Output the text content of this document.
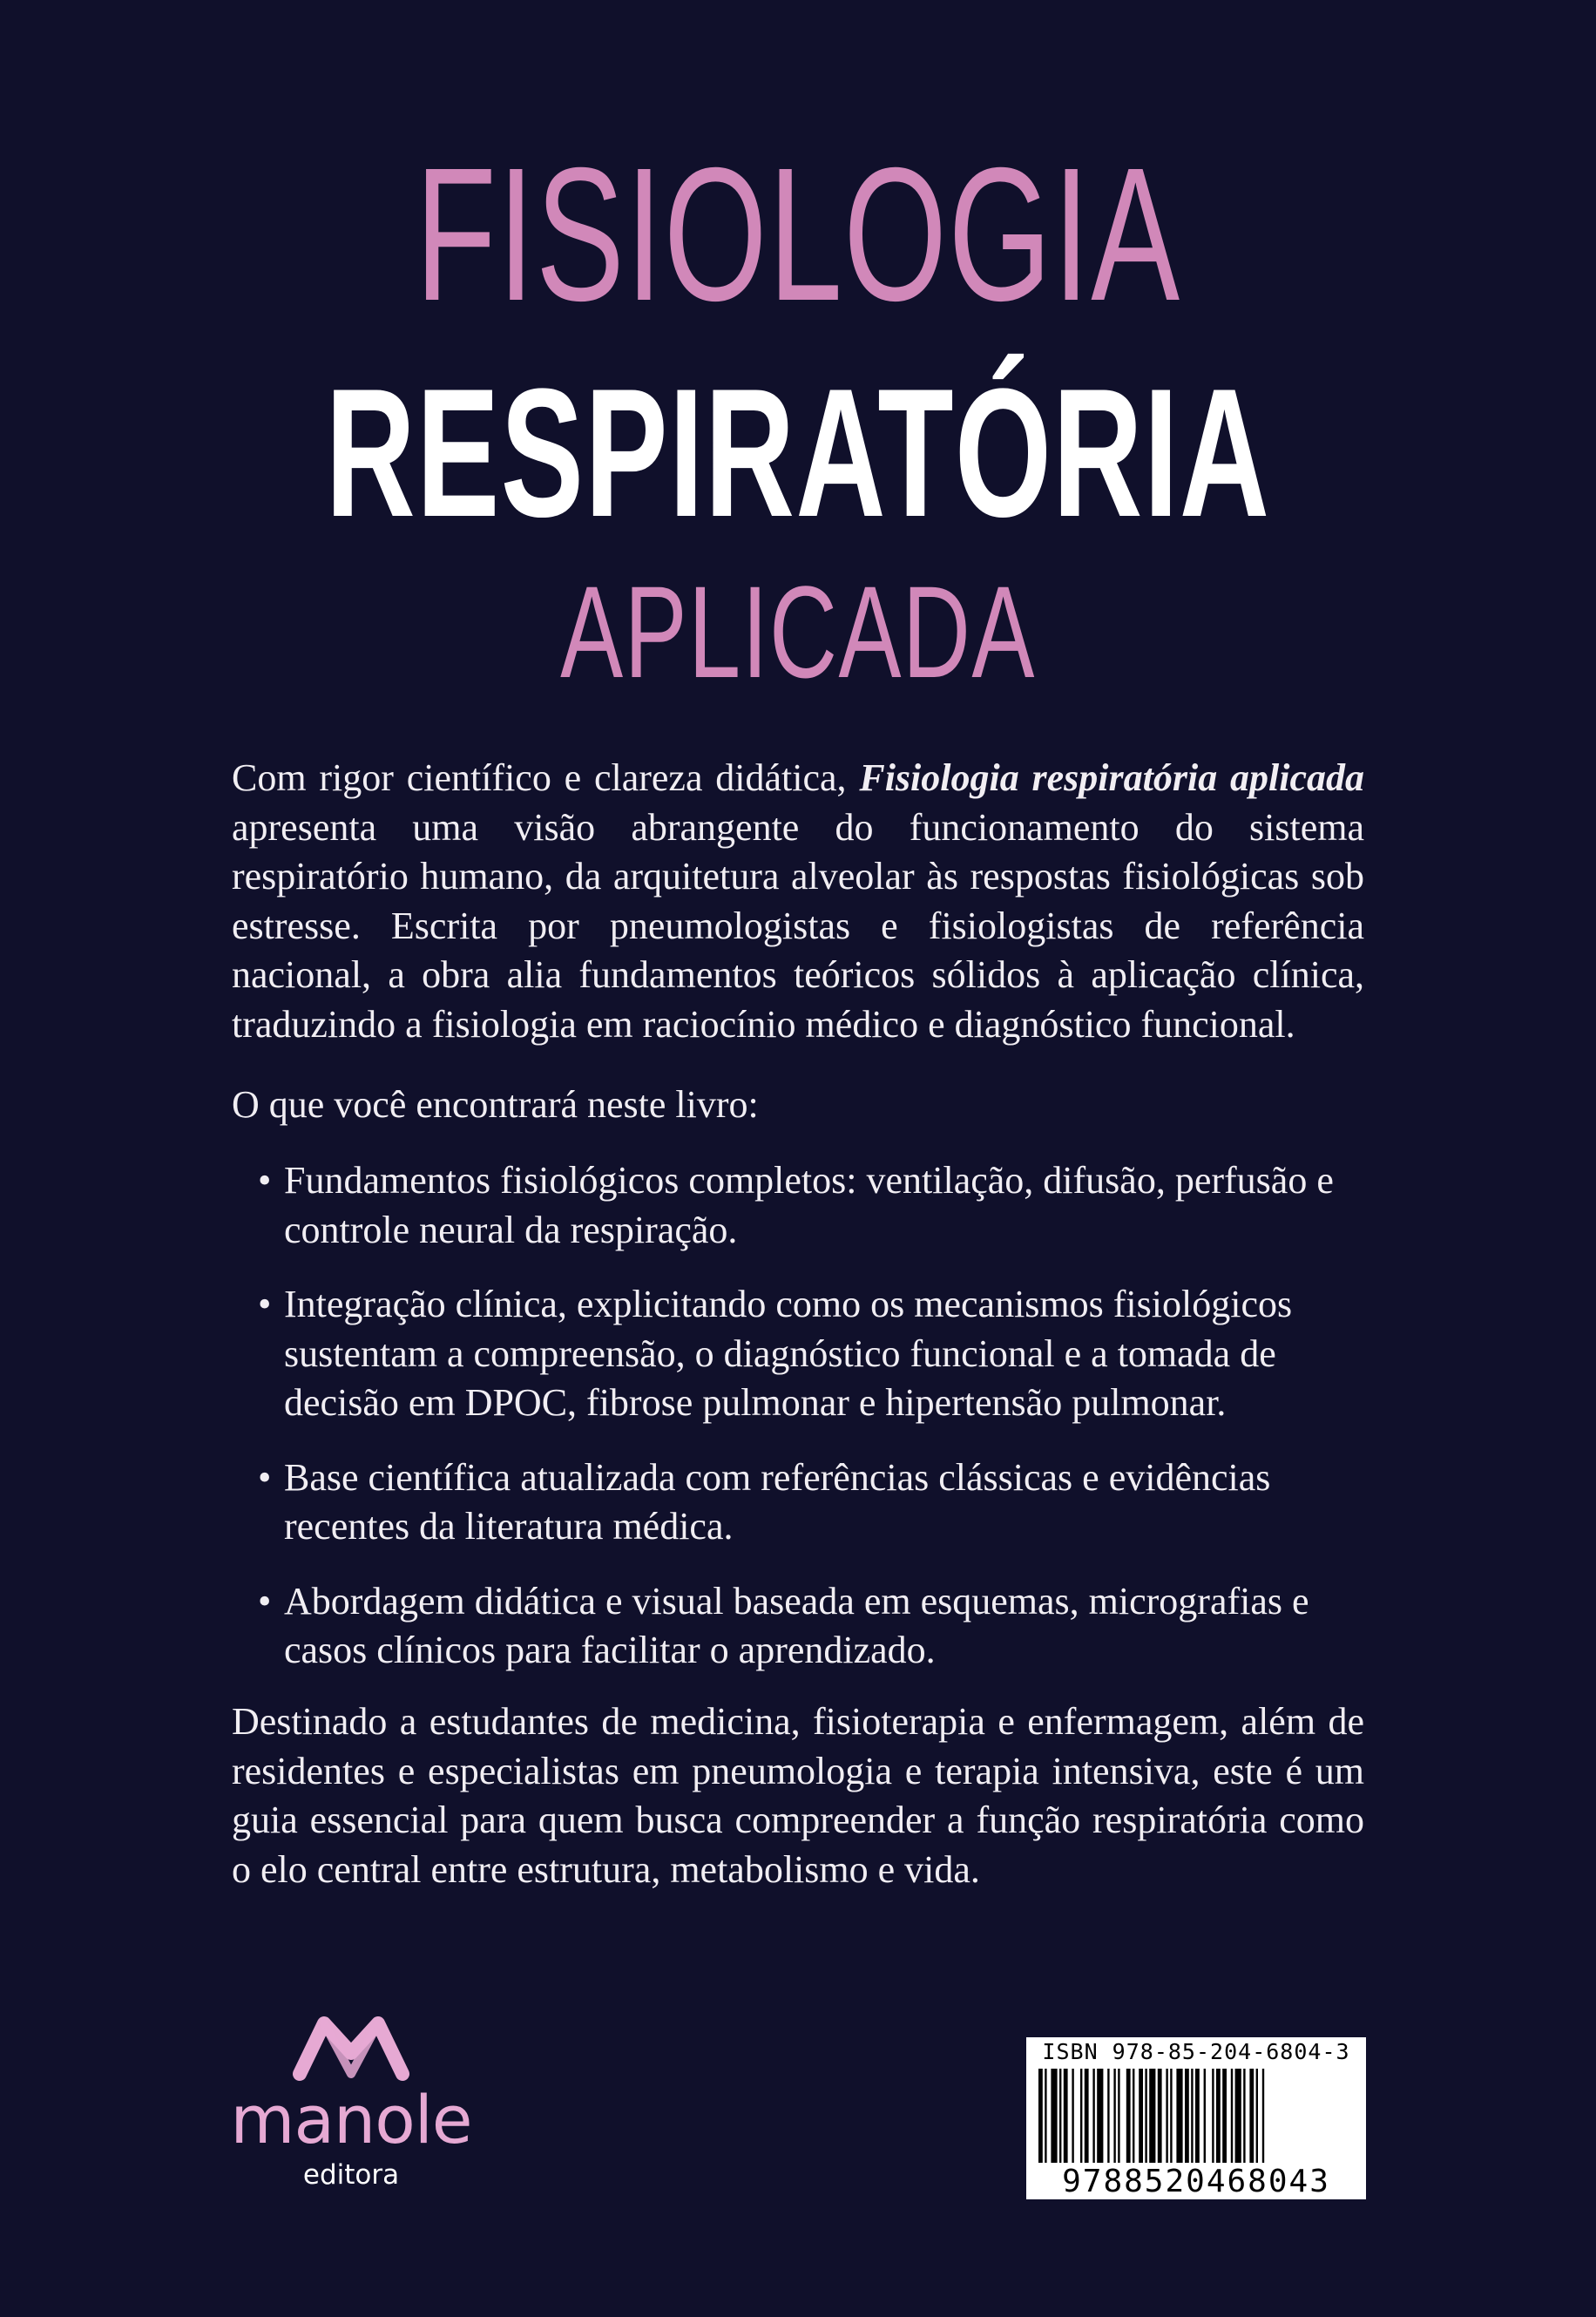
FISIOLOGIA
RESPIRATÓRIA
APLICADA

Com rigor científico e clareza didática, Fisiologia respiratória aplicada apresenta uma visão abrangente do funcionamento do sistema respiratório humano, da arquitetura alveolar às respostas fisiológicas sob estresse. Escrita por pneumologistas e fisiologistas de referência nacional, a obra alia fundamentos teóricos sólidos à aplicação clínica, traduzindo a fisiologia em raciocínio médico e diagnóstico funcional.

O que você encontrará neste livro:

• Fundamentos fisiológicos completos: ventilação, difusão, perfusão e controle neural da respiração.
• Integração clínica, explicitando como os mecanismos fisiológicos sustentam a compreensão, o diagnóstico funcional e a tomada de decisão em DPOC, fibrose pulmonar e hipertensão pulmonar.
• Base científica atualizada com referências clássicas e evidências recentes da literatura médica.
• Abordagem didática e visual baseada em esquemas, micrografias e casos clínicos para facilitar o aprendizado.

Destinado a estudantes de medicina, fisioterapia e enfermagem, além de residentes e especialistas em pneumologia e terapia intensiva, este é um guia essencial para quem busca compreender a função respiratória como o elo central entre estrutura, metabolismo e vida.

manole
editora
ISBN 978-85-204-6804-3
9788520468043
